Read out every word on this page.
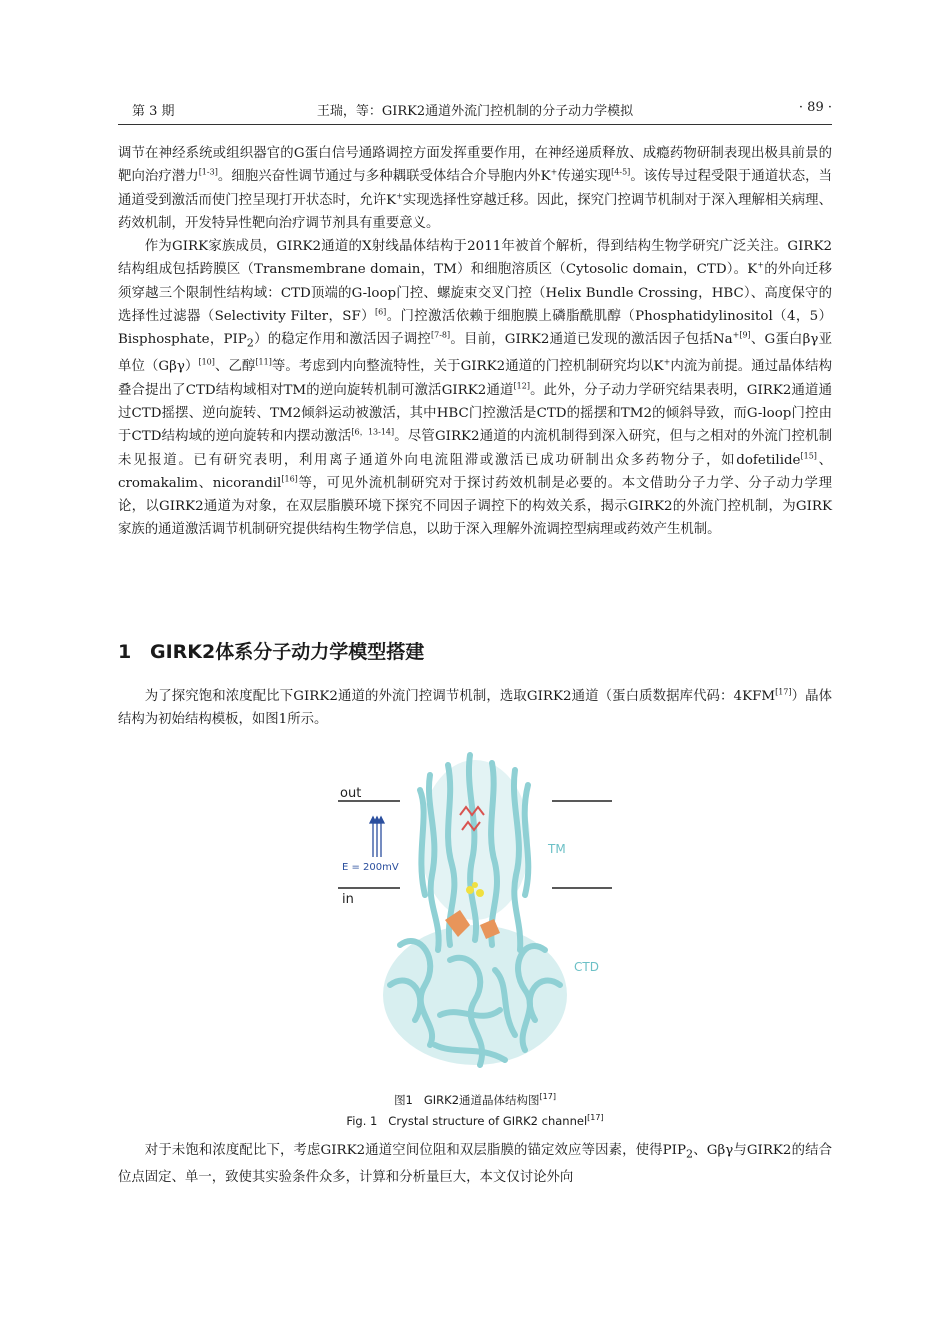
第 3 期	王瑞，等：GIRK2通道外流门控机制的分子动力学模拟	· 89 ·

调节在神经系统或组织器官的G蛋白信号通路调控方面发挥重要作用，在神经递质释放、成瘾药物研制表现出极具前景的靶向治疗潜力[1-3]。细胞兴奋性调节通过与多种耦联受体结合介导胞内外K+传递实现[4-5]。该传导过程受限于通道状态，当通道受到激活而使门控呈现打开状态时，允许K+实现选择性穿越迁移。因此，探究门控调节机制对于深入理解相关病理、药效机制，开发特异性靶向治疗调节剂具有重要意义。

作为GIRK家族成员，GIRK2通道的X射线晶体结构于2011年被首个解析，得到结构生物学研究广泛关注。GIRK2结构组成包括跨膜区（Transmembrane domain，TM）和细胞溶质区（Cytosolic domain，CTD）。K+的外向迁移须穿越三个限制性结构域：CTD顶端的G-loop门控、螺旋束交叉门控（Helix Bundle Crossing，HBC）、高度保守的选择性过滤器（Selectivity Filter，SF）[6]。门控激活依赖于细胞膜上磷脂酰肌醇（Phosphatidylinositol（4，5）Bisphosphate，$PIP_2$）的稳定作用和激活因子调控[7-8]。目前，GIRK2通道已发现的激活因子包括$Na^{+[9]}$、G蛋白βγ亚单位（Gβγ）[10]、乙醇[11]等。考虑到内向整流特性，关于GIRK2通道的门控机制研究均以K+内流为前提。通过晶体结构叠合提出了CTD结构域相对TM的逆向旋转机制可激活GIRK2通道[12]。此外，分子动力学研究结果表明，GIRK2通道通过CTD摇摆、逆向旋转、TM2倾斜运动被激活，其中HBC门控激活是CTD的摇摆和TM2的倾斜导致，而G-loop门控由于CTD结构域的逆向旋转和内摆动激活[6，13-14]。尽管GIRK2通道的内流机制得到深入研究，但与之相对的外流门控机制未见报道。已有研究表明，利用离子通道外向电流阻滞或激活已成功研制出众多药物分子，如dofetilide[15]、cromakalim、nicorandil[16]等，可见外流机制研究对于探讨药效机制是必要的。本文借助分子力学、分子动力学理论，以GIRK2通道为对象，在双层脂膜环境下探究不同因子调控下的构效关系，揭示GIRK2的外流门控机制，为GIRK家族的通道激活调节机制研究提供结构生物学信息，以助于深入理解外流调控型病理或药效产生机制。

1 GIRK2体系分子动力学模型搭建

为了探究饱和浓度配比下GIRK2通道的外流门控调节机制，选取GIRK2通道（蛋白质数据库代码：4KFM[17]）晶体结构为初始结构模板，如图1所示。

out
in
E = 200mV
TM
CTD
图1 GIRK2通道晶体结构图[17]
Fig. 1 Crystal structure of GIRK2 channel[17]

对于未饱和浓度配比下，考虑GIRK2通道空间位阻和双层脂膜的锚定效应等因素，使得$PIP_2$、Gβγ与GIRK2的结合位点固定、单一，致使其实验条件众多，计算和分析量巨大，本文仅讨论外向
